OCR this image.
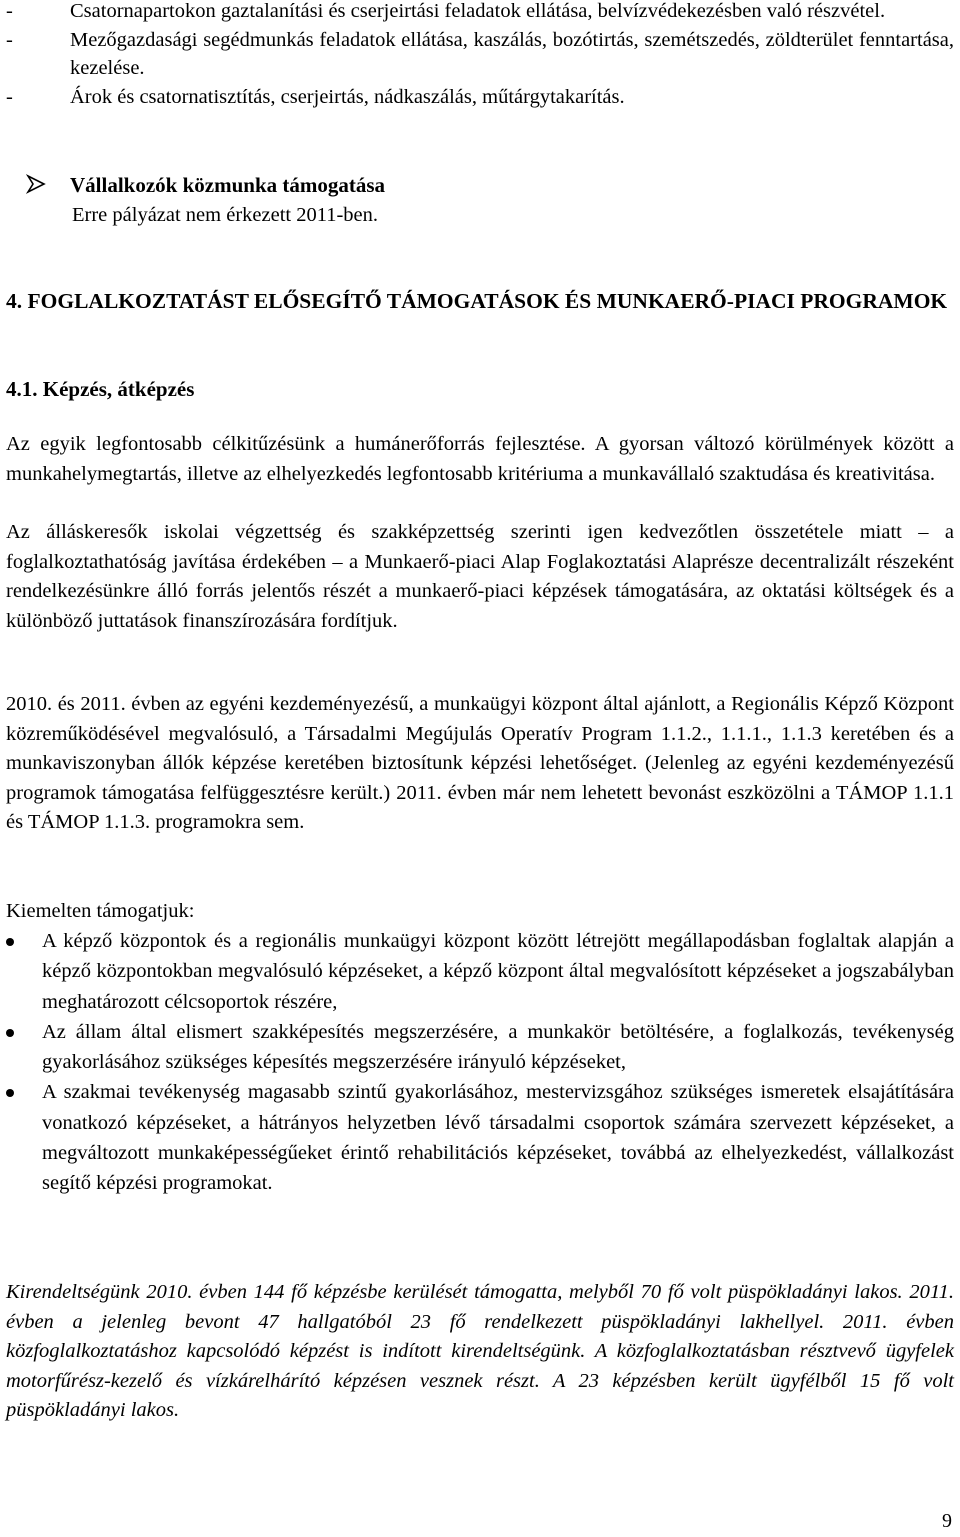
-	Csatornapartokon gaztalanítási és cserjeirtási feladatok ellátása, belvízvédekezésben való részvétel.
-	Mezőgazdasági segédmunkás feladatok ellátása, kaszálás, bozótirtás, szemétszedés, zöldterület fenntartása, kezelése.
-	Árok és csatornatisztítás, cserjeirtás, nádkaszálás, műtárgytakarítás.
Vállalkozók közmunka támogatása
Erre pályázat nem érkezett 2011-ben.
4. FOGLALKOZTATÁST ELŐSEGÍTŐ TÁMOGATÁSOK ÉS MUNKAERŐ-PIACI PROGRAMOK
4.1. Képzés, átképzés
Az egyik legfontosabb célkitűzésünk a humánerőforrás fejlesztése. A gyorsan változó körülmények között a munkahelymegtartás, illetve az elhelyezkedés legfontosabb kritériuma a munkavállaló szaktudása és kreativitása.
Az álláskeresők iskolai végzettség és szakképzettség szerinti igen kedvezőtlen összetétele miatt – a foglalkoztathatóság javítása érdekében – a Munkaerő-piaci Alap Foglakoztatási Alaprésze decentralizált részeként rendelkezésünkre álló forrás jelentős részét a munkaerő-piaci képzések támogatására, az oktatási költségek és a különböző juttatások finanszírozására fordítjuk.
2010. és 2011. évben az egyéni kezdeményezésű, a munkaügyi központ által ajánlott, a Regionális Képző Központ közreműködésével megvalósuló, a Társadalmi Megújulás Operatív Program 1.1.2., 1.1.1., 1.1.3 keretében és a munkaviszonyban állók képzése keretében biztosítunk képzési lehetőséget. (Jelenleg az egyéni kezdeményezésű programok támogatása felfüggesztésre került.) 2011. évben már nem lehetett bevonást eszközölni a TÁMOP 1.1.1 és TÁMOP 1.1.3. programokra sem.
Kiemelten támogatjuk:
A képző központok és a regionális munkaügyi központ között létrejött megállapodásban foglaltak alapján a képző központokban megvalósuló képzéseket, a képző központ által megvalósított képzéseket a jogszabályban meghatározott célcsoportok részére,
Az állam által elismert szakképesítés megszerzésére, a munkakör betöltésére, a foglalkozás, tevékenység gyakorlásához szükséges képesítés megszerzésére irányuló képzéseket,
A szakmai tevékenység magasabb szintű gyakorlásához, mestervizsgához szükséges ismeretek elsajátítására vonatkozó képzéseket, a hátrányos helyzetben lévő társadalmi csoportok számára szervezett képzéseket, a megváltozott munkaképességűeket érintő rehabilitációs képzéseket, továbbá az elhelyezkedést, vállalkozást segítő képzési programokat.
Kirendeltségünk 2010. évben 144 fő képzésbe kerülését támogatta, melyből 70 fő volt püspökladányi lakos. 2011. évben a jelenleg bevont 47 hallgatóból 23 fő rendelkezett püspökladányi lakhellyel. 2011. évben közfoglalkoztatáshoz kapcsolódó képzést is indított kirendeltségünk. A közfoglalkoztatásban résztvevő ügyfelek motorfűrész-kezelő és vízkárelhárító képzésen vesznek részt. A 23 képzésben került ügyfélből 15 fő volt püspökladányi lakos.
9
